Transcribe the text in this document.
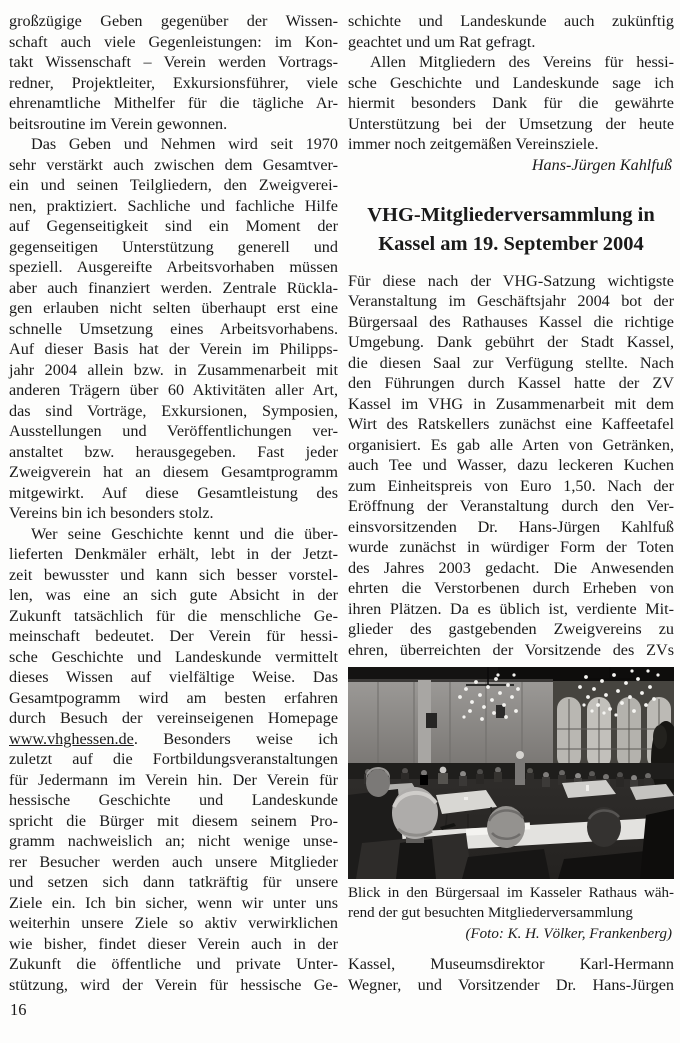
großzügige Geben gegenüber der Wissen-
schaft auch viele Gegenleistungen: im Kon-
takt Wissenschaft – Verein werden Vortrags-
redner, Projektleiter, Exkursionsführer, viele
ehrenamtliche Mithelfer für die tägliche Ar-
beitsroutine im Verein gewonnen.
Das Geben und Nehmen wird seit 1970
sehr verstärkt auch zwischen dem Gesamtver-
ein und seinen Teilgliedern, den Zweigverei-
nen, praktiziert. Sachliche und fachliche Hilfe
auf Gegenseitigkeit sind ein Moment der
gegenseitigen Unterstützung generell und
speziell. Ausgereifte Arbeitsvorhaben müssen
aber auch finanziert werden. Zentrale Rückla-
gen erlauben nicht selten überhaupt erst eine
schnelle Umsetzung eines Arbeitsvorhabens.
Auf dieser Basis hat der Verein im Philipps-
jahr 2004 allein bzw. in Zusammenarbeit mit
anderen Trägern über 60 Aktivitäten aller Art,
das sind Vorträge, Exkursionen, Symposien,
Ausstellungen und Veröffentlichungen ver-
anstaltet bzw. herausgegeben. Fast jeder
Zweigverein hat an diesem Gesamtprogramm
mitgewirkt. Auf diese Gesamtleistung des
Vereins bin ich besonders stolz.
Wer seine Geschichte kennt und die über-
lieferten Denkmäler erhält, lebt in der Jetzt-
zeit bewusster und kann sich besser vorstel-
len, was eine an sich gute Absicht in der
Zukunft tatsächlich für die menschliche Ge-
meinschaft bedeutet. Der Verein für hessi-
sche Geschichte und Landeskunde vermittelt
dieses Wissen auf vielfältige Weise. Das
Gesamtpogramm wird am besten erfahren
durch Besuch der vereinseigenen Homepage
www.vhghessen.de. Besonders weise ich
zuletzt auf die Fortbildungsveranstaltungen
für Jedermann im Verein hin. Der Verein für
hessische Geschichte und Landeskunde
spricht die Bürger mit diesem seinem Pro-
gramm nachweislich an; nicht wenige unse-
rer Besucher werden auch unsere Mitglieder
und setzen sich dann tatkräftig für unsere
Ziele ein. Ich bin sicher, wenn wir unter uns
weiterhin unsere Ziele so aktiv verwirklichen
wie bisher, findet dieser Verein auch in der
Zukunft die öffentliche und private Unter-
stützung, wird der Verein für hessische Ge-
schichte und Landeskunde auch zukünftig
geachtet und um Rat gefragt.
Allen Mitgliedern des Vereins für hessi-
sche Geschichte und Landeskunde sage ich
hiermit besonders Dank für die gewährte
Unterstützung bei der Umsetzung der heute
immer noch zeitgemäßen Vereinsziele.
Hans-Jürgen Kahlfuß
VHG-Mitgliederversammlung in
Kassel am 19. September 2004
Für diese nach der VHG-Satzung wichtigste
Veranstaltung im Geschäftsjahr 2004 bot der
Bürgersaal des Rathauses Kassel die richtige
Umgebung. Dank gebührt der Stadt Kassel,
die diesen Saal zur Verfügung stellte. Nach
den Führungen durch Kassel hatte der ZV
Kassel im VHG in Zusammenarbeit mit dem
Wirt des Ratskellers zunächst eine Kaffeetafel
organisiert. Es gab alle Arten von Getränken,
auch Tee und Wasser, dazu leckeren Kuchen
zum Einheitspreis von Euro 1,50. Nach der
Eröffnung der Veranstaltung durch den Ver-
einsvorsitzenden Dr. Hans-Jürgen Kahlfuß
wurde zunächst in würdiger Form der Toten
des Jahres 2003 gedacht. Die Anwesenden
ehrten die Verstorbenen durch Erheben von
ihren Plätzen. Da es üblich ist, verdiente Mit-
glieder des gastgebenden Zweigvereins zu
ehren, überreichten der Vorsitzende des ZVs
Blick in den Bürgersaal im Kasseler Rathaus wäh-
rend der gut besuchten Mitgliederversammlung
(Foto: K. H. Völker, Frankenberg)
Kassel, Museumsdirektor Karl-Hermann
Wegner, und Vorsitzender Dr. Hans-Jürgen
16
